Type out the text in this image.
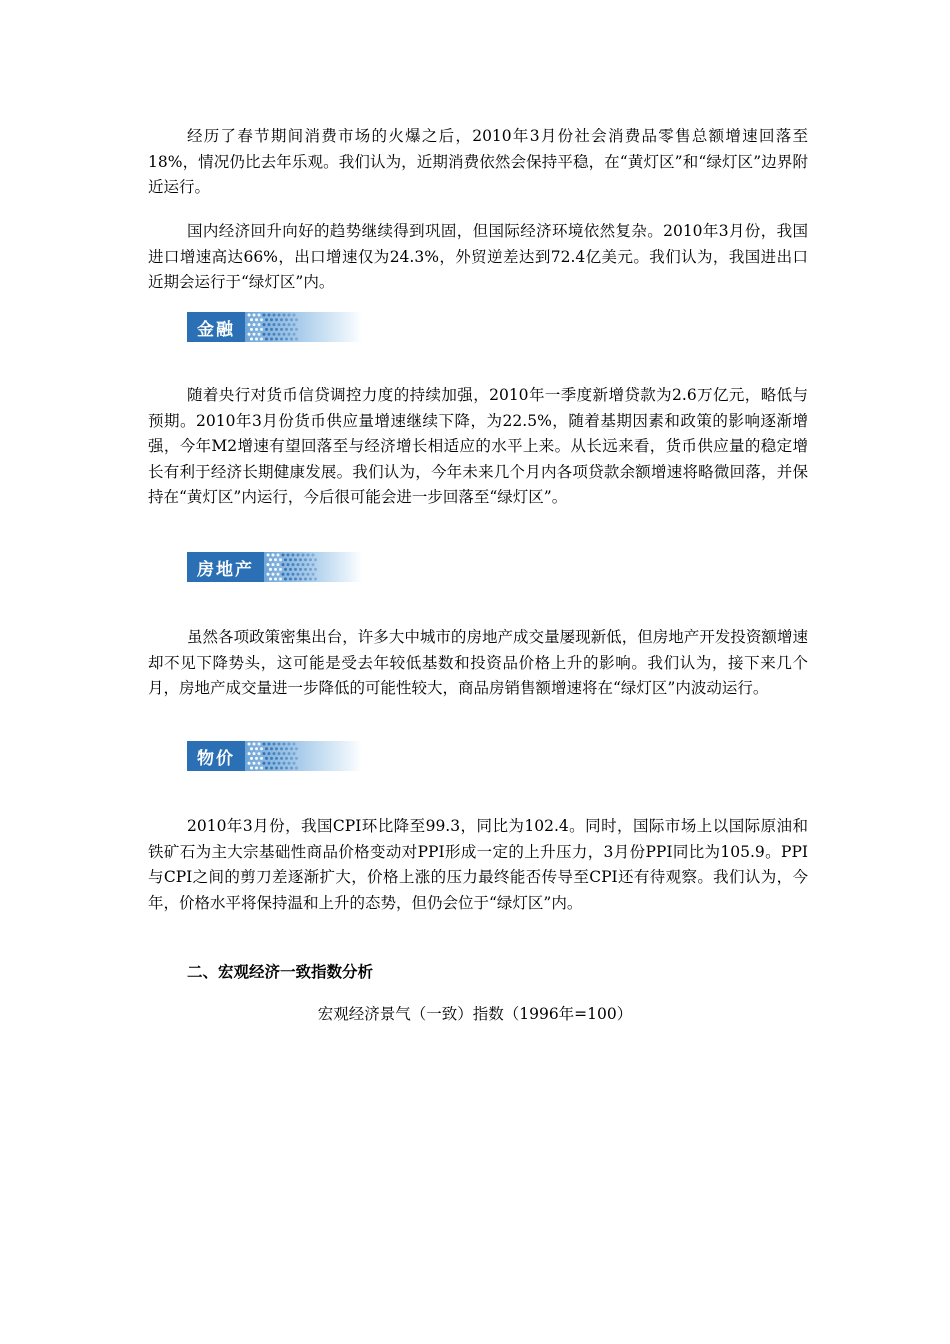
经历了春节期间消费市场的火爆之后，2010年3月份社会消费品零售总额增速回落至18%，情况仍比去年乐观。我们认为，近期消费依然会保持平稳，在“黄灯区”和“绿灯区”边界附近运行。

国内经济回升向好的趋势继续得到巩固，但国际经济环境依然复杂。2010年3月份，我国进口增速高达66%，出口增速仅为24.3%，外贸逆差达到72.4亿美元。我们认为，我国进出口近期会运行于“绿灯区”内。

金融

随着央行对货币信贷调控力度的持续加强，2010年一季度新增贷款为2.6万亿元，略低与预期。2010年3月份货币供应量增速继续下降，为22.5%，随着基期因素和政策的影响逐渐增强，今年M2增速有望回落至与经济增长相适应的水平上来。从长远来看，货币供应量的稳定增长有利于经济长期健康发展。我们认为，今年未来几个月内各项贷款余额增速将略微回落，并保持在“黄灯区”内运行，今后很可能会进一步回落至“绿灯区”。

房地产

虽然各项政策密集出台，许多大中城市的房地产成交量屡现新低，但房地产开发投资额增速却不见下降势头，这可能是受去年较低基数和投资品价格上升的影响。我们认为，接下来几个月，房地产成交量进一步降低的可能性较大，商品房销售额增速将在“绿灯区”内波动运行。

物价

2010年3月份，我国CPI环比降至99.3，同比为102.4。同时，国际市场上以国际原油和铁矿石为主大宗基础性商品价格变动对PPI形成一定的上升压力，3月份PPI同比为105.9。PPI与CPI之间的剪刀差逐渐扩大，价格上涨的压力最终能否传导至CPI还有待观察。我们认为，今年，价格水平将保持温和上升的态势，但仍会位于“绿灯区”内。

二、宏观经济一致指数分析

宏观经济景气（一致）指数（1996年=100）
